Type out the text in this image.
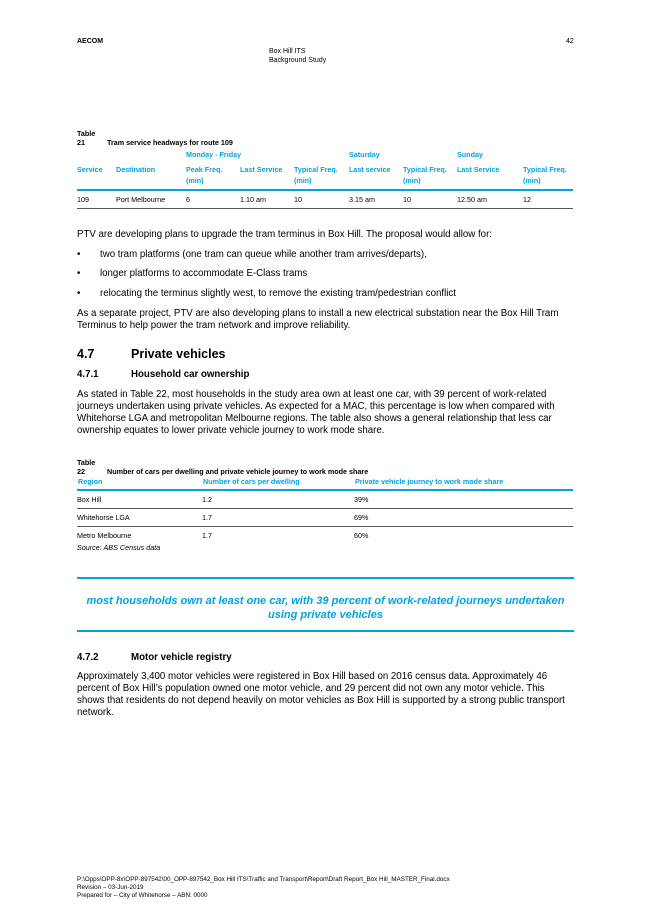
AECOM	42
Box Hill ITS
Background Study
Table 21	Tram service headways for route 109
		Monday - Friday			Saturday		Sunday	
Service	Destination	Peak Freq. (min)	Last Service	Typical Freq. (min)	Last service	Typical Freq. (min)	Last Service	Typical Freq. (min)
109	Port Melbourne	6	1.10 am	10	3.15 am	10	12.50 am	12
PTV are developing plans to upgrade the tram terminus in Box Hill. The proposal would allow for:
• two tram platforms (one tram can queue while another tram arrives/departs),
• longer platforms to accommodate E-Class trams
• relocating the terminus slightly west, to remove the existing tram/pedestrian conflict
As a separate project, PTV are also developing plans to install a new electrical substation near the Box Hill Tram Terminus to help power the tram network and improve reliability.
4.7	Private vehicles
4.7.1	Household car ownership
As stated in Table 22, most households in the study area own at least one car, with 39 percent of work-related journeys undertaken using private vehicles. As expected for a MAC, this percentage is low when compared with Whitehorse LGA and metropolitan Melbourne regions. The table also shows a general relationship that less car ownership equates to lower private vehicle journey to work mode share.
Table 22	Number of cars per dwelling and private vehicle journey to work mode share
Region	Number of cars per dwelling	Private vehicle journey to work mode share
Box Hill	1.2	39%
Whitehorse LGA	1.7	69%
Metro Melbourne	1.7	60%
Source: ABS Census data
most households own at least one car, with 39 percent of work-related journeys undertaken using private vehicles
4.7.2	Motor vehicle registry
Approximately 3,400 motor vehicles were registered in Box Hill based on 2016 census data. Approximately 46 percent of Box Hill’s population owned one motor vehicle, and 29 percent did not own any motor vehicle. This shows that residents do not depend heavily on motor vehicles as Box Hill is supported by a strong public transport network.
P:\Opps\OPP-8x\OPP-897542\00_OPP-897542_Box Hill ITS\Traffic and Transport\Report\Draft Report_Box Hill_MASTER_Final.docx
Revision – 03-Jun-2019
Prepared for – City of Whitehorse – ABN: 0000
